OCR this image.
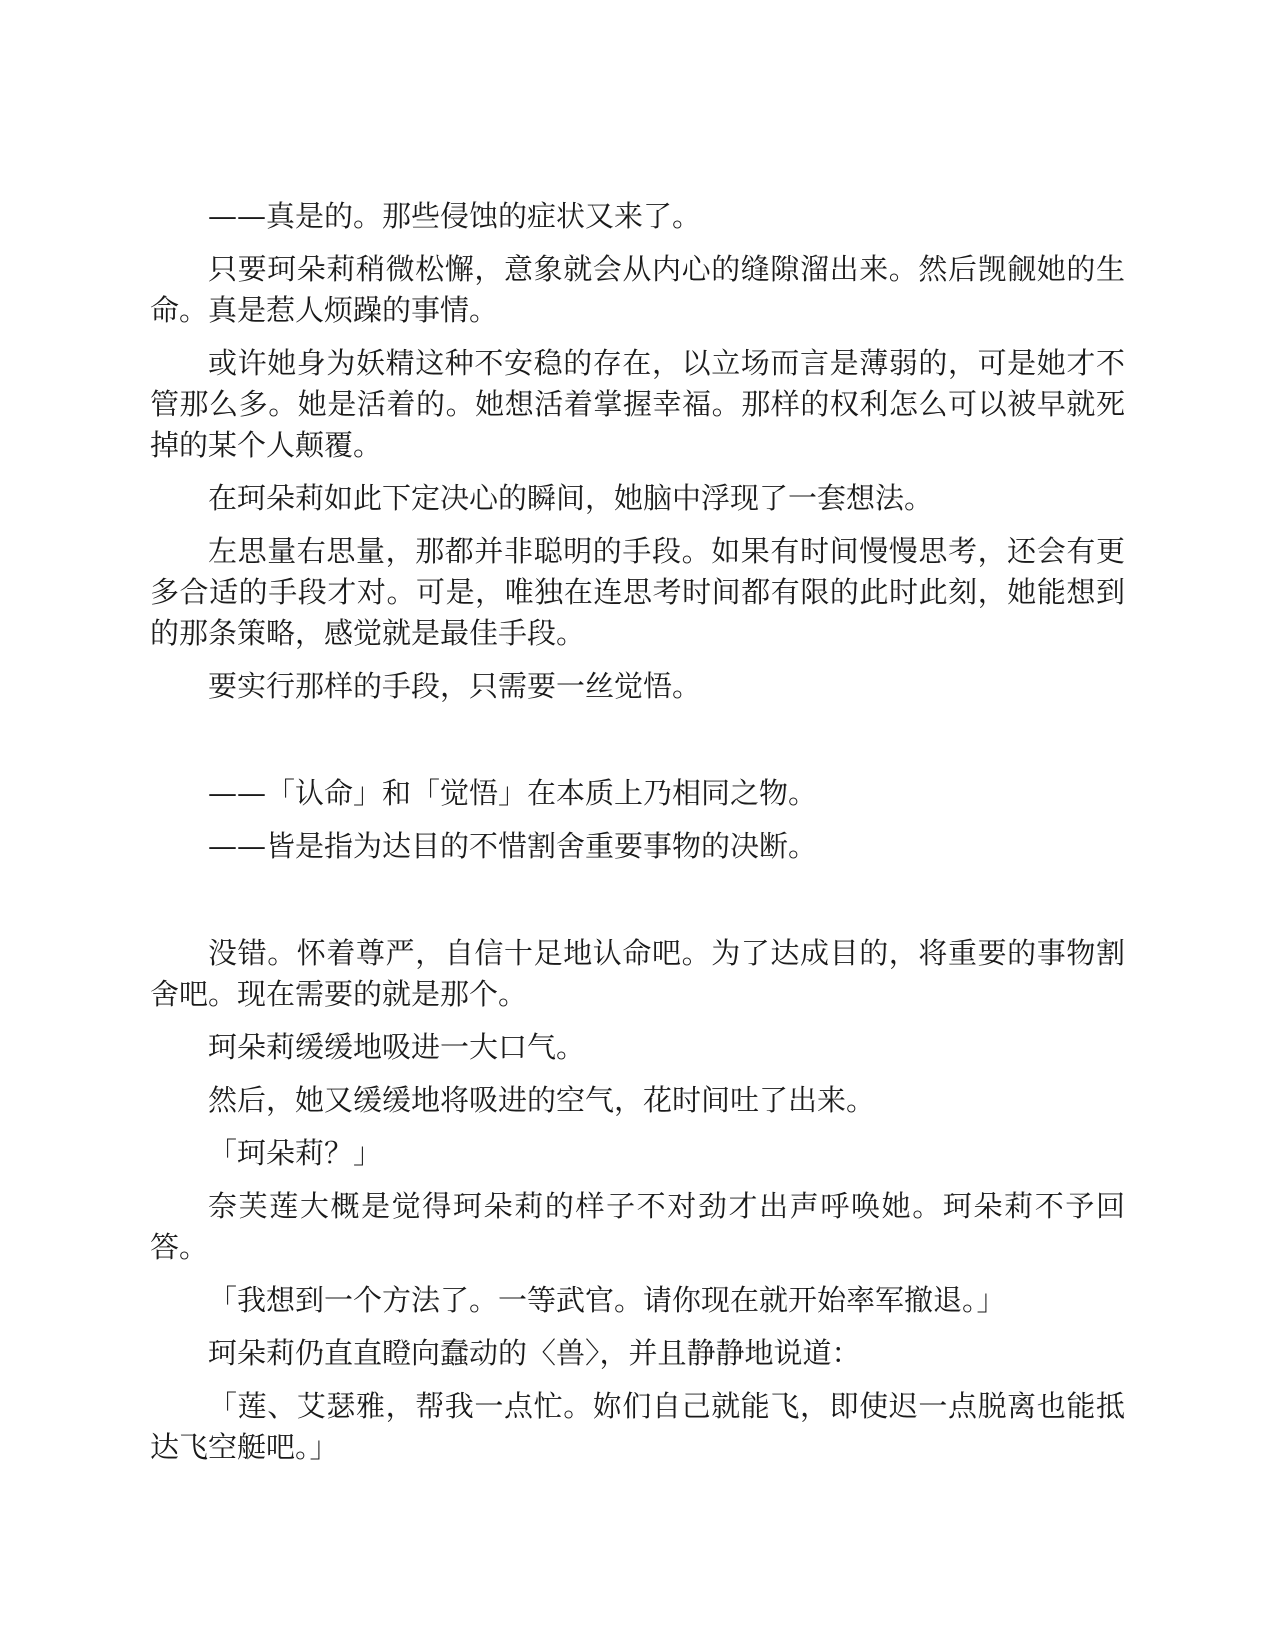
——真是的。那些侵蚀的症状又来了。

只要珂朵莉稍微松懈，意象就会从内心的缝隙溜出来。然后觊觎她的生命。真是惹人烦躁的事情。

或许她身为妖精这种不安稳的存在，以立场而言是薄弱的，可是她才不管那么多。她是活着的。她想活着掌握幸福。那样的权利怎么可以被早就死掉的某个人颠覆。

在珂朵莉如此下定决心的瞬间，她脑中浮现了一套想法。

左思量右思量，那都并非聪明的手段。如果有时间慢慢思考，还会有更多合适的手段才对。可是，唯独在连思考时间都有限的此时此刻，她能想到的那条策略，感觉就是最佳手段。

要实行那样的手段，只需要一丝觉悟。

——「认命」和「觉悟」在本质上乃相同之物。

——皆是指为达目的不惜割舍重要事物的决断。

没错。怀着尊严，自信十足地认命吧。为了达成目的，将重要的事物割舍吧。现在需要的就是那个。

珂朵莉缓缓地吸进一大口气。

然后，她又缓缓地将吸进的空气，花时间吐了出来。

「珂朵莉？」

奈芙莲大概是觉得珂朵莉的样子不对劲才出声呼唤她。珂朵莉不予回答。

「我想到一个方法了。一等武官。请你现在就开始率军撤退。」

珂朵莉仍直直瞪向蠢动的〈兽〉，并且静静地说道：

「莲、艾瑟雅，帮我一点忙。妳们自己就能飞，即使迟一点脱离也能抵达飞空艇吧。」
